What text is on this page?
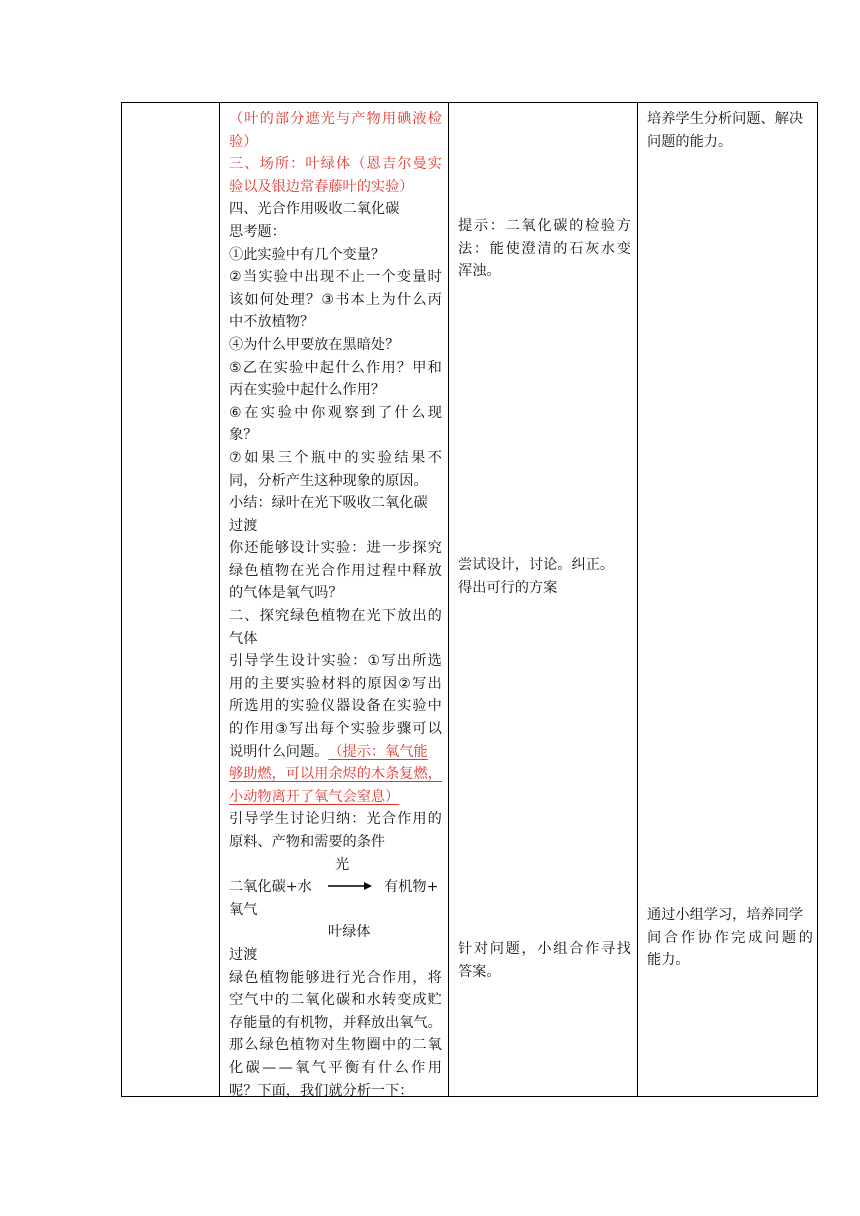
（ 叶 的 部 分 遮 光 与 产 物 用 碘 液 检
验）
三 、 场 所 ： 叶 绿 体 （ 恩 吉 尔 曼 实
验以及银边常春藤叶的实验）
四、光合作用吸收二氧化碳
思考题：
①此实验中有几个变量？
② 当 实 验 中 出 现 不 止 一 个 变 量 时
该 如 何 处 理 ？ ③ 书 本 上 为 什 么 丙
中不放植物？
④为什么甲要放在黑暗处？
⑤ 乙 在 实 验 中 起 什 么 作 用 ？ 甲 和
丙在实验中起什么作用？
⑥ 在 实 验 中 你 观 察 到 了 什 么 现
象？
⑦ 如 果 三 个 瓶 中 的 实 验 结 果 不
同，分析产生这种现象的原因。
小结：绿叶在光下吸收二氧化碳
过渡
你 还 能 够 设 计 实 验 ： 进 一 步 探 究
绿 色 植 物 在 光 合 作 用 过 程 中 释 放
的气体是氧气吗？
二 、 探 究 绿 色 植 物 在 光 下 放 出 的
气体
引 导 学 生 设 计 实 验 ： ① 写 出 所 选
用 的 主 要 实 验 材 料 的 原 因 ② 写 出
所 选 用 的 实 验 仪 器 设 备 在 实 验 中
的 作 用 ③ 写 出 每 个 实 验 步 骤 可 以
说明什么问题。 （提示：氧气能
够助燃，可以用余烬的木条复燃，
小动物离开了氧气会窒息）
引 导 学 生 讨 论 归 纳 ： 光 合 作 用 的
原料、产物和需要的条件
光
二氧化碳+水	有机物+
氧气
叶绿体
过渡
绿 色 植 物 能 够 进 行 光 合 作 用 ， 将
空 气 中 的 二 氧 化 碳 和 水 转 变 成 贮
存能量的有机物，并释放出氧气。
那 么 绿 色 植 物 对 生 物 圈 中 的 二 氧
化 碳 — — 氧 气 平 衡 有 什 么 作 用
呢？下面，我们就分析一下：
提 示 ： 二 氧 化 碳 的 检 验 方
法 ： 能 使 澄 清 的 石 灰 水 变
浑浊。
尝试设计，讨论。纠正。
得出可行的方案
针 对 问 题 ， 小 组 合 作 寻 找
答案。
培养学生分析问题、解决
问题的能力。
通过小组学习，培养同学
间 合 作 协 作 完 成 问 题 的
能力。
